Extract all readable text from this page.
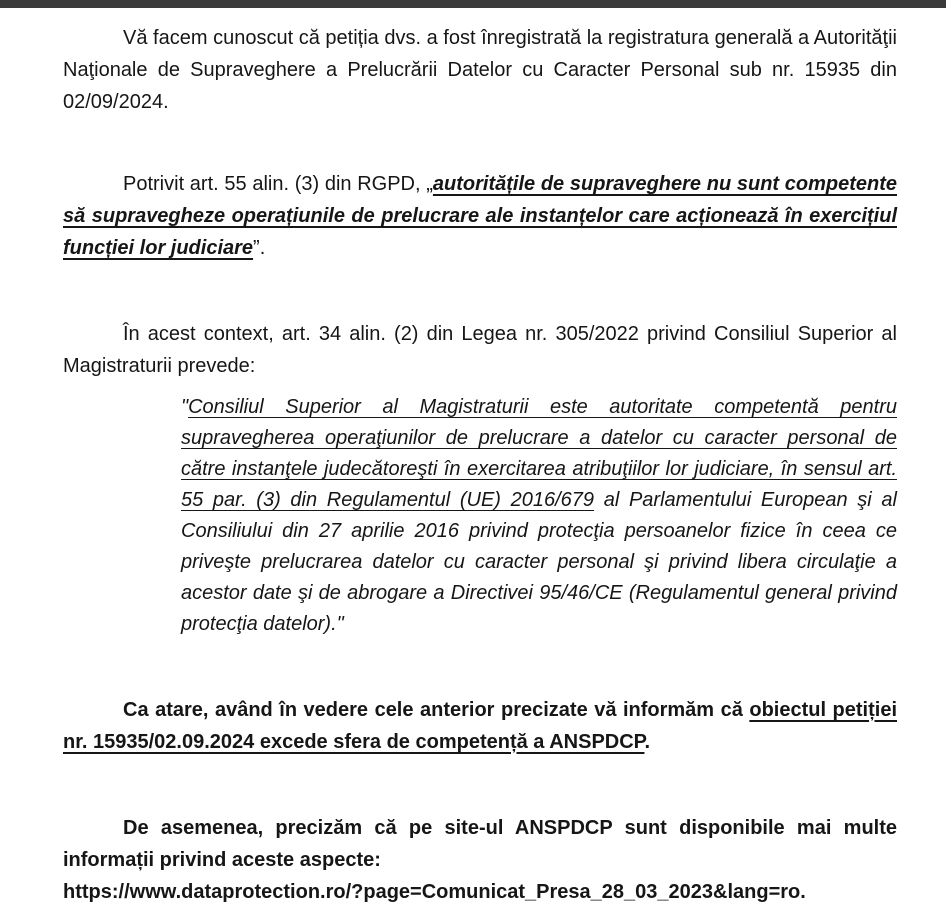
Vă facem cunoscut că petiția dvs. a fost înregistrată la registratura generală a Autorităţii Naţionale de Supraveghere a Prelucrării Datelor cu Caracter Personal sub nr. 15935 din 02/09/2024.

Potrivit art. 55 alin. (3) din RGPD, „autoritățile de supraveghere nu sunt competente să supravegheze operațiunile de prelucrare ale instanțelor care acționează în exercițiul funcției lor judiciare”.

În acest context, art. 34 alin. (2) din Legea nr. 305/2022 privind Consiliul Superior al Magistraturii prevede:

"Consiliul Superior al Magistraturii este autoritate competentă pentru supravegherea operaţiunilor de prelucrare a datelor cu caracter personal de către instanţele judecătoreşti în exercitarea atribuţiilor lor judiciare, în sensul art. 55 par. (3) din Regulamentul (UE) 2016/679 al Parlamentului European şi al Consiliului din 27 aprilie 2016 privind protecţia persoanelor fizice în ceea ce priveşte prelucrarea datelor cu caracter personal şi privind libera circulaţie a acestor date şi de abrogare a Directivei 95/46/CE (Regulamentul general privind protecţia datelor)."

Ca atare, având în vedere cele anterior precizate vă informăm că obiectul petiției nr. 15935/02.09.2024 excede sfera de competență a ANSPDCP.

De asemenea, precizăm că pe site-ul ANSPDCP sunt disponibile mai multe informații privind aceste aspecte:

https://www.dataprotection.ro/?page=Comunicat_Presa_28_03_2023&lang=ro.
